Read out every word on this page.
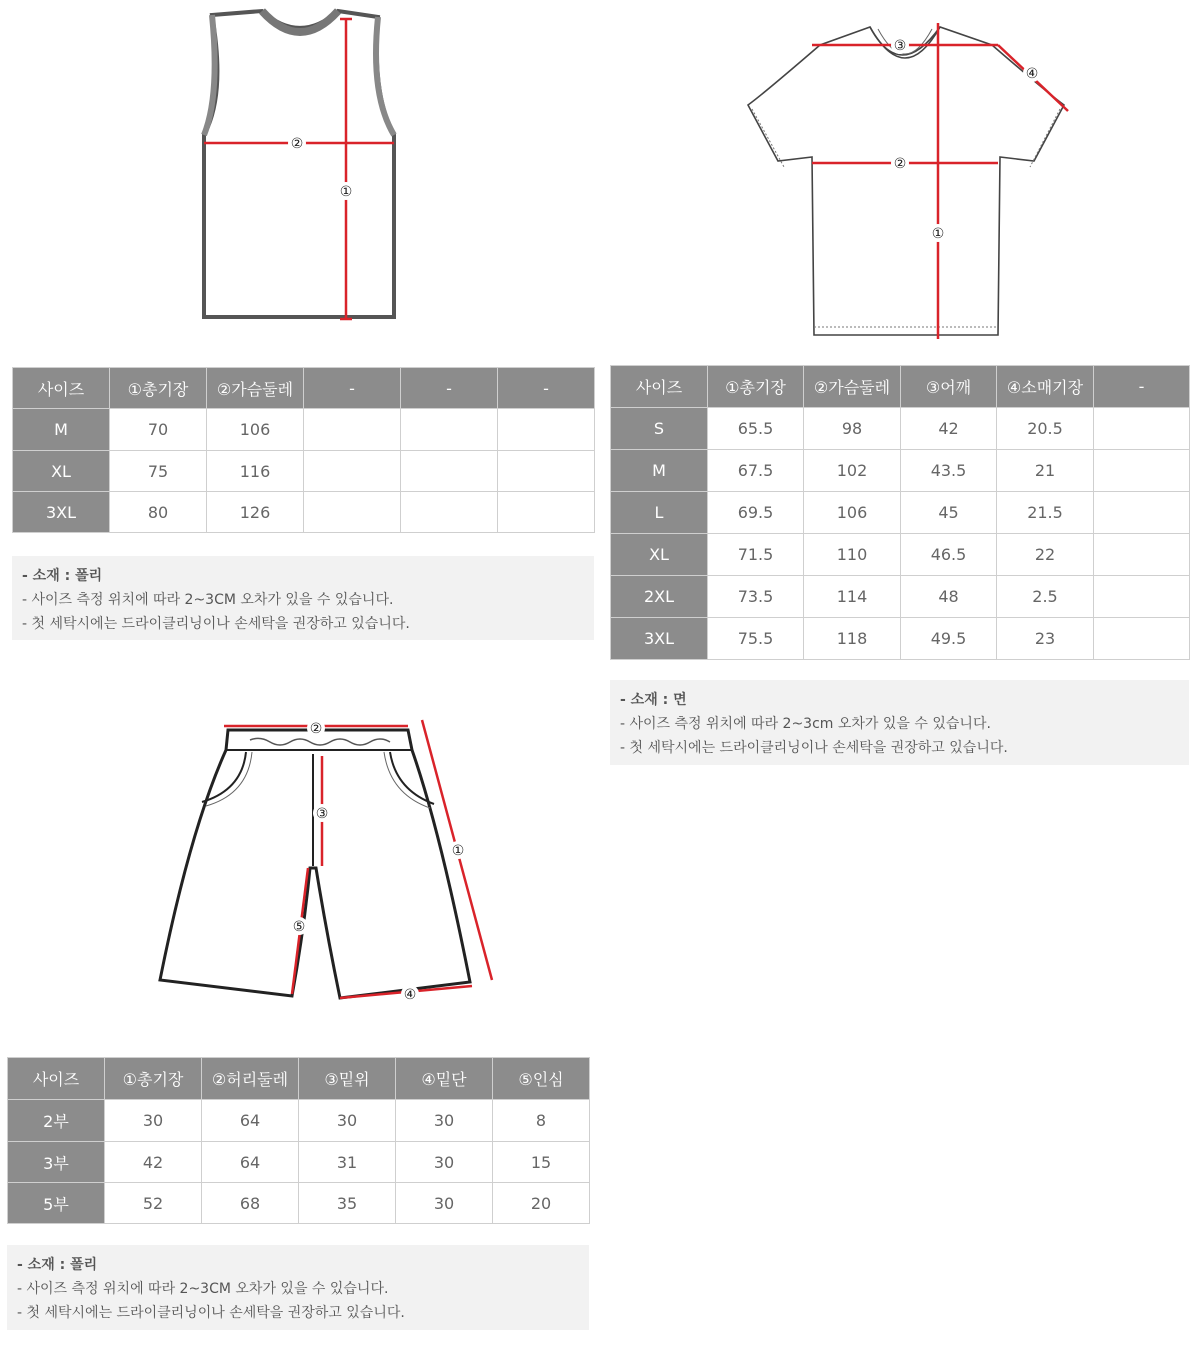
②
①
③
④
②
①
사이즈	①총기장	②가슴둘레	-	-	-
M	70	106			
XL	75	116			
3XL	80	126			
- 소재 : 폴리
- 사이즈 측정 위치에 따라 2~3CM 오차가 있을 수 있습니다.
- 첫 세탁시에는 드라이클리닝이나 손세탁을 권장하고 있습니다.
사이즈	①총기장	②가슴둘레	③어깨	④소매기장	-
S	65.5	98	42	20.5	
M	67.5	102	43.5	21	
L	69.5	106	45	21.5	
XL	71.5	110	46.5	22	
2XL	73.5	114	48	2.5	
3XL	75.5	118	49.5	23	
- 소재 : 면
- 사이즈 측정 위치에 따라 2~3cm 오차가 있을 수 있습니다.
- 첫 세탁시에는 드라이클리닝이나 손세탁을 권장하고 있습니다.
②
③
①
④
⑤
사이즈	①총기장	②허리둘레	③밑위	④밑단	⑤인심
2부	30	64	30	30	8
3부	42	64	31	30	15
5부	52	68	35	30	20
- 소재 : 폴리
- 사이즈 측정 위치에 따라 2~3CM 오차가 있을 수 있습니다.
- 첫 세탁시에는 드라이클리닝이나 손세탁을 권장하고 있습니다.
